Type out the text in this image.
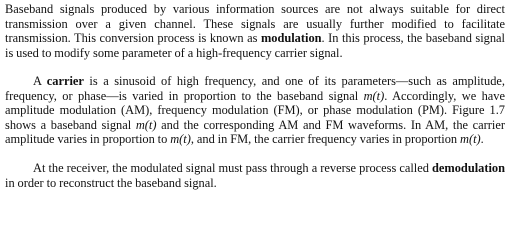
Baseband signals produced by various information sources are not always suitable for direct transmission over a given channel. These signals are usually further modified to facilitate transmission. This conversion process is known as modulation. In this process, the baseband signal is used to modify some parameter of a high-frequency carrier signal.

A carrier is a sinusoid of high frequency, and one of its parameters—such as amplitude, frequency, or phase—is varied in proportion to the baseband signal m(t). Accordingly, we have amplitude modulation (AM), frequency modulation (FM), or phase modulation (PM). Figure 1.7 shows a baseband signal m(t) and the corresponding AM and FM waveforms. In AM, the carrier amplitude varies in proportion to m(t), and in FM, the carrier frequency varies in proportion m(t).

At the receiver, the modulated signal must pass through a reverse process called demodulation in order to reconstruct the baseband signal.
